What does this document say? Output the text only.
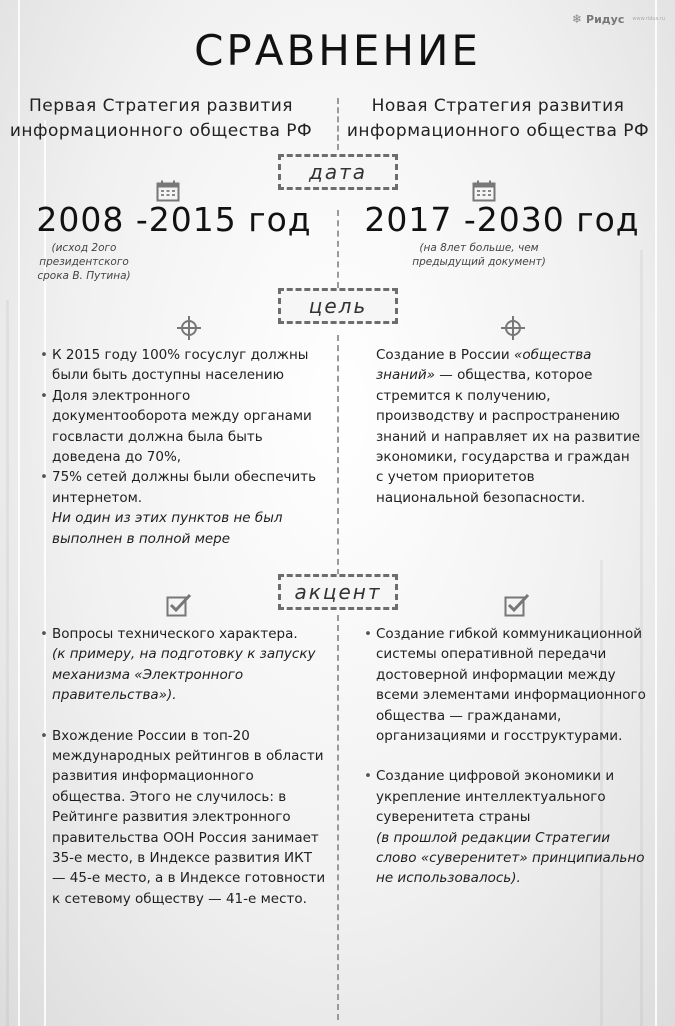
❄ Ридус www.ridus.ru
СРАВНЕНИЕ
Первая Стратегия развития информационного общества РФ
Новая Стратегия развития информационного общества РФ
дата
цель
акцент
2008 -2015 год	2017 -2030 год
(исход 2ого президентского срока В. Путина)
(на 8лет больше, чем предыдущий документ)
• К 2015 году 100% госуслуг должны были быть доступны населению
• Доля электронного документооборота между органами госвласти должна была быть доведена до 70%,
• 75% сетей должны были обеспечить интернетом.
Ни один из этих пунктов не был выполнен в полной мере
Создание в России «общества знаний» — общества, которое стремится к получению, производству и распространению знаний и направляет их на развитие экономики, государства и граждан с учетом приоритетов национальной безопасности.
• Вопросы технического характера.
(к примеру, на подготовку к запуску механизма «Электронного правительства»).
• Вхождение России в топ-20 международных рейтингов в области развития информационного общества. Этого не случилось: в Рейтинге развития электронного правительства ООН Россия занимает 35-е место, в Индексе развития ИКТ — 45-е место, а в Индексе готовности к сетевому обществу — 41-е место.
• Создание гибкой коммуникационной системы оперативной передачи достоверной информации между всеми элементами информационного общества — гражданами, организациями и госструктурами.
• Создание цифровой экономики и укрепление интеллектуального суверенитета страны
(в прошлой редакции Стратегии слово «суверенитет» принципиально не использовалось).
